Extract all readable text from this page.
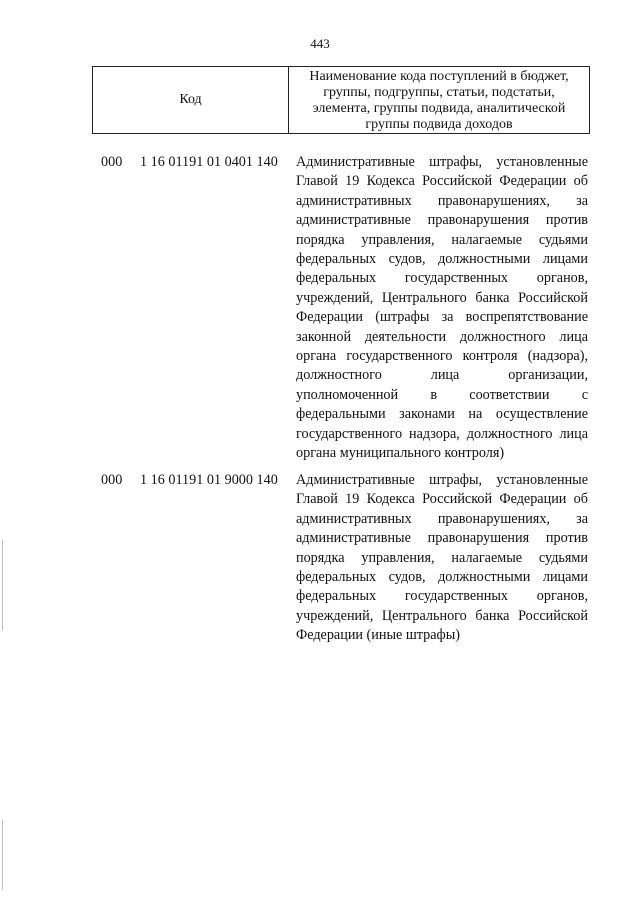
443
Код
Наименование кода поступлений в бюджет, группы, подгруппы, статьи, подстатьи, элемента, группы подвида, аналитической группы подвида доходов
000 1 16 01191 01 0401 140 Административные штрафы, установленные Главой 19 Кодекса Российской Федерации об административных правонарушениях, за административные правонарушения против порядка управления, налагаемые судьями федеральных судов, должностными лицами федеральных государственных органов, учреждений, Центрального банка Российской Федерации (штрафы за воспрепятствование законной деятельности должностного лица органа государственного контроля (надзора), должностного лица организации, уполномоченной в соответствии с федеральными законами на осуществление государственного надзора, должностного лица органа муниципального контроля)
000 1 16 01191 01 9000 140 Административные штрафы, установленные Главой 19 Кодекса Российской Федерации об административных правонарушениях, за административные правонарушения против порядка управления, налагаемые судьями федеральных судов, должностными лицами федеральных государственных органов, учреждений, Центрального банка Российской Федерации (иные штрафы)
